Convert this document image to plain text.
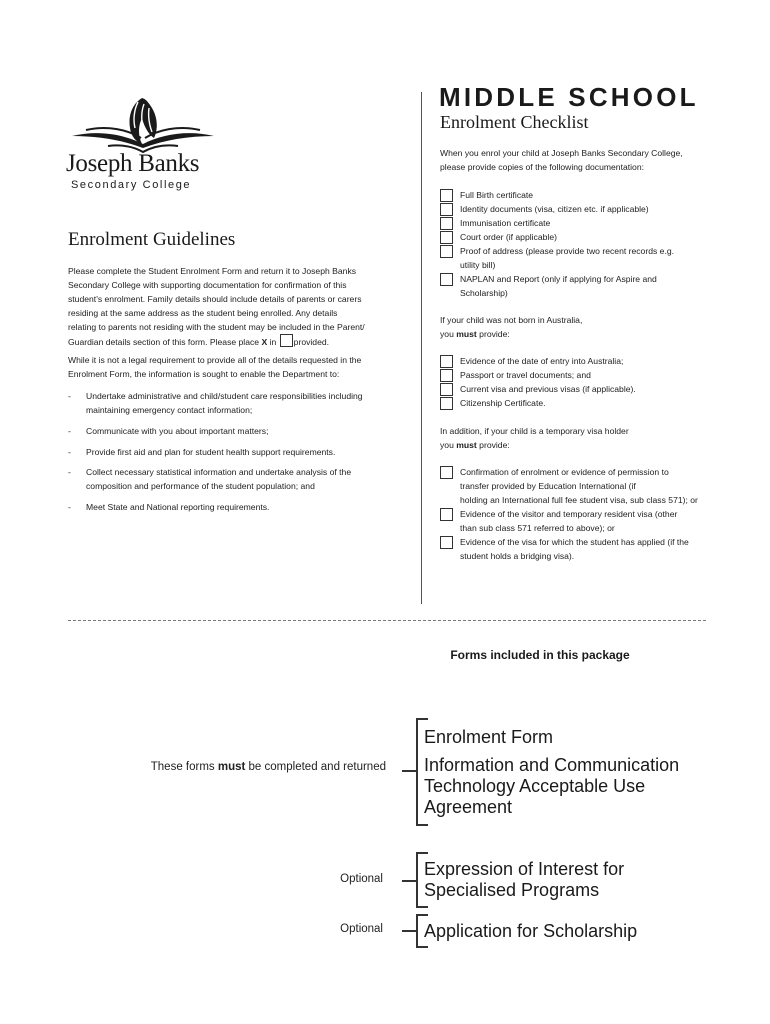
Joseph Banks
Secondary College
Enrolment Guidelines
Please complete the Student Enrolment Form and return it to Joseph Banks
Secondary College with supporting documentation for confirmation of this
student's enrolment. Family details should include details of parents or carers
residing at the same address as the student being enrolled. Any details
relating to parents not residing with the student may be included in the Parent/
Guardian details section of this form. Please place X in provided.
While it is not a legal requirement to provide all of the details requested in the
Enrolment Form, the information is sought to enable the Department to:
- Undertake administrative and child/student care responsibilities including
maintaining emergency contact information;
- Communicate with you about important matters;
- Provide first aid and plan for student health support requirements.
- Collect necessary statistical information and undertake analysis of the
composition and performance of the student population; and
- Meet State and National reporting requirements.
MIDDLE SCHOOL
Enrolment Checklist
When you enrol your child at Joseph Banks Secondary College,
please provide copies of the following documentation:
Full Birth certificate
Identity documents (visa, citizen etc. if applicable)
Immunisation certificate
Court order (if applicable)
Proof of address (please provide two recent records e.g.
utility bill)
NAPLAN and Report (only if applying for Aspire and
Scholarship)
If your child was not born in Australia,
you must provide:
Evidence of the date of entry into Australia;
Passport or travel documents; and
Current visa and previous visas (if applicable).
Citizenship Certificate.
In addition, if your child is a temporary visa holder
you must provide:
Confirmation of enrolment or evidence of permission to
transfer provided by Education International (if
holding an International full fee student visa, sub class 571); or
Evidence of the visitor and temporary resident visa (other
than sub class 571 referred to above); or
Evidence of the visa for which the student has applied (if the
student holds a bridging visa).
Forms included in this package
These forms must be completed and returned
Enrolment Form
Information and Communication
Technology Acceptable Use
Agreement
Optional Expression of Interest for
Specialised Programs
Optional Application for Scholarship
